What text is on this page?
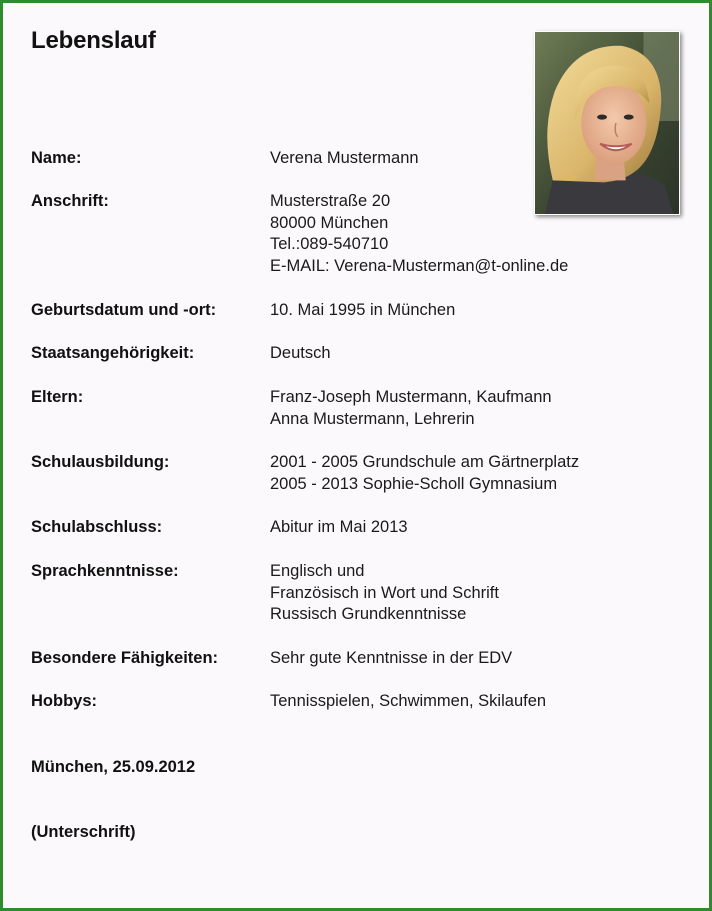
Lebenslauf
Name:	Verena Mustermann
Anschrift:	Musterstraße 20
80000 München
Tel.:089-540710
E-MAIL: Verena-Musterman@t-online.de
Geburtsdatum und -ort:	10. Mai 1995 in München
Staatsangehörigkeit:	Deutsch
Eltern:	Franz-Joseph Mustermann, Kaufmann
Anna Mustermann, Lehrerin
Schulausbildung:	2001 - 2005 Grundschule am Gärtnerplatz
2005 - 2013 Sophie-Scholl Gymnasium
Schulabschluss:	Abitur im Mai 2013
Sprachkenntnisse:	Englisch und
Französisch in Wort und Schrift
Russisch Grundkenntnisse
Besondere Fähigkeiten:	Sehr gute Kenntnisse in der EDV
Hobbys:	Tennisspielen, Schwimmen, Skilaufen
München, 25.09.2012
(Unterschrift)
